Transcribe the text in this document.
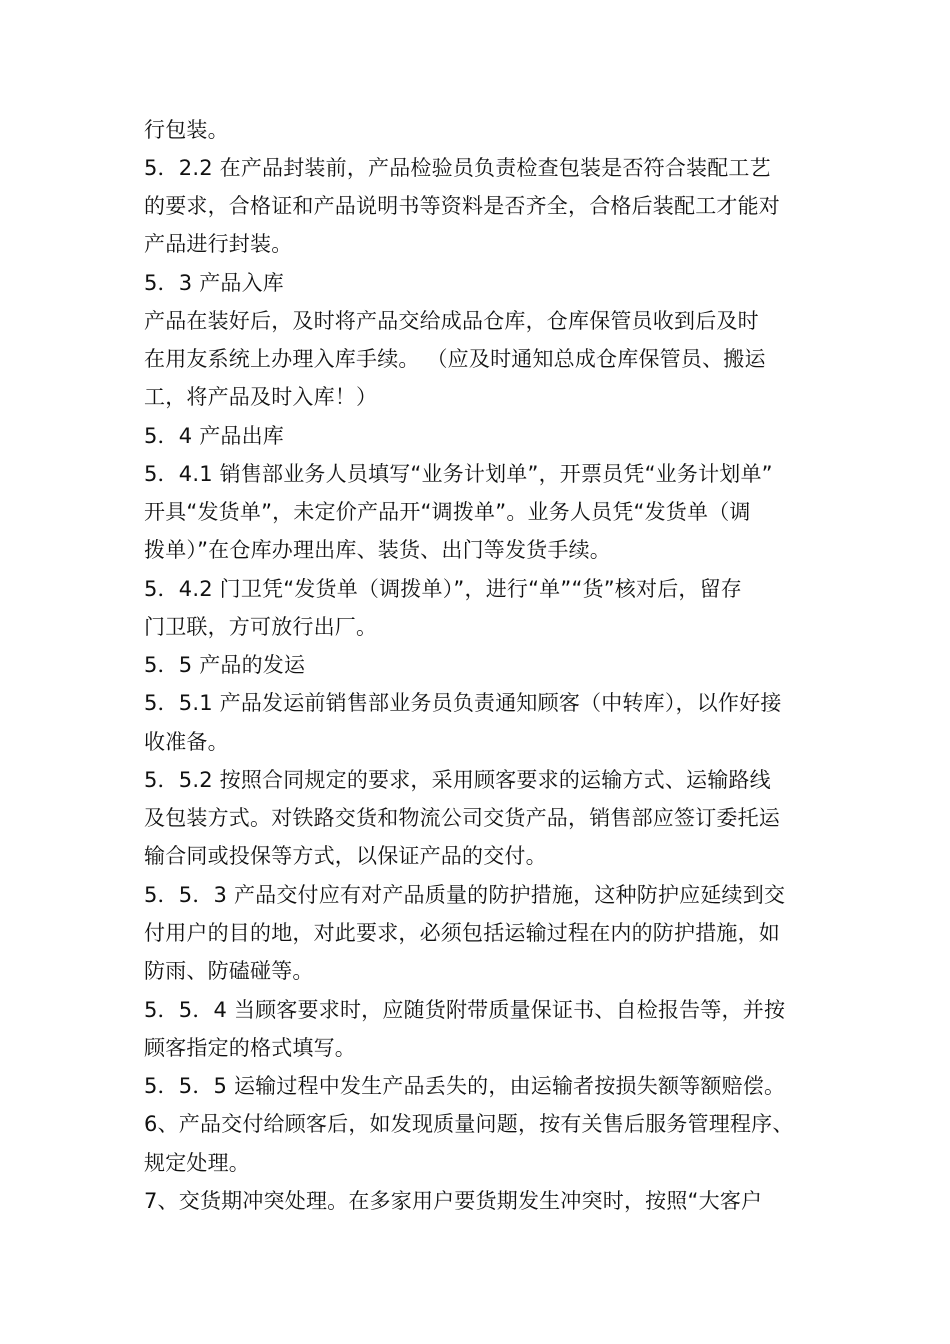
行包装。
5．2.2 在产品封装前，产品检验员负责检查包装是否符合装配工艺
的要求，合格证和产品说明书等资料是否齐全，合格后装配工才能对
产品进行封装。
5．3 产品入库
产品在装好后，及时将产品交给成品仓库，仓库保管员收到后及时
在用友系统上办理入库手续。 （应及时通知总成仓库保管员、搬运
工，将产品及时入库！）
5．4 产品出库
5．4.1 销售部业务人员填写“业务计划单”，开票员凭“业务计划单”
开具“发货单”，未定价产品开“调拨单”。业务人员凭“发货单（调
拨单）”在仓库办理出库、装货、出门等发货手续。
5．4.2 门卫凭“发货单（调拨单）”，进行“单”“货”核对后，留存
门卫联，方可放行出厂。
5．5 产品的发运
5．5.1 产品发运前销售部业务员负责通知顾客（中转库），以作好接
收准备。
5．5.2 按照合同规定的要求，采用顾客要求的运输方式、运输路线
及包装方式。对铁路交货和物流公司交货产品，销售部应签订委托运
输合同或投保等方式，以保证产品的交付。
5．5．3 产品交付应有对产品质量的防护措施，这种防护应延续到交
付用户的目的地，对此要求，必须包括运输过程在内的防护措施，如
防雨、防磕碰等。
5．5．4 当顾客要求时，应随货附带质量保证书、自检报告等，并按
顾客指定的格式填写。
5．5．5 运输过程中发生产品丢失的，由运输者按损失额等额赔偿。
6、产品交付给顾客后，如发现质量问题，按有关售后服务管理程序、
规定处理。
7、交货期冲突处理。在多家用户要货期发生冲突时，按照“大客户
